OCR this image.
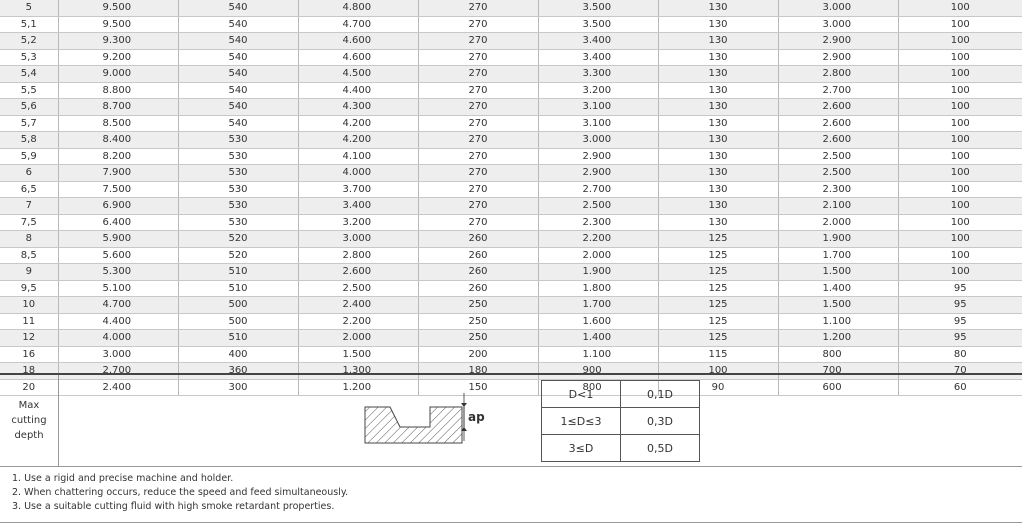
5	9.500	540	4.800	270	3.500	130	3.000	100
5,1	9.500	540	4.700	270	3.500	130	3.000	100
5,2	9.300	540	4.600	270	3.400	130	2.900	100
5,3	9.200	540	4.600	270	3.400	130	2.900	100
5,4	9.000	540	4.500	270	3.300	130	2.800	100
5,5	8.800	540	4.400	270	3.200	130	2.700	100
5,6	8.700	540	4.300	270	3.100	130	2.600	100
5,7	8.500	540	4.200	270	3.100	130	2.600	100
5,8	8.400	530	4.200	270	3.000	130	2.600	100
5,9	8.200	530	4.100	270	2.900	130	2.500	100
6	7.900	530	4.000	270	2.900	130	2.500	100
6,5	7.500	530	3.700	270	2.700	130	2.300	100
7	6.900	530	3.400	270	2.500	130	2.100	100
7,5	6.400	530	3.200	270	2.300	130	2.000	100
8	5.900	520	3.000	260	2.200	125	1.900	100
8,5	5.600	520	2.800	260	2.000	125	1.700	100
9	5.300	510	2.600	260	1.900	125	1.500	100
9,5	5.100	510	2.500	260	1.800	125	1.400	95
10	4.700	500	2.400	250	1.700	125	1.500	95
11	4.400	500	2.200	250	1.600	125	1.100	95
12	4.000	510	2.000	250	1.400	125	1.200	95
16	3.000	400	1.500	200	1.100	115	800	80
18	2.700	360	1.300	180	900	100	700	70
20	2.400	300	1.200	150	800	90	600	60
Max
cutting
depth
ap
D<1	0,1D
1≤D≤3	0,3D
3≤D	0,5D
1. Use a rigid and precise machine and holder.
2. When chattering occurs, reduce the speed and feed simultaneously.
3. Use a suitable cutting fluid with high smoke retardant properties.
